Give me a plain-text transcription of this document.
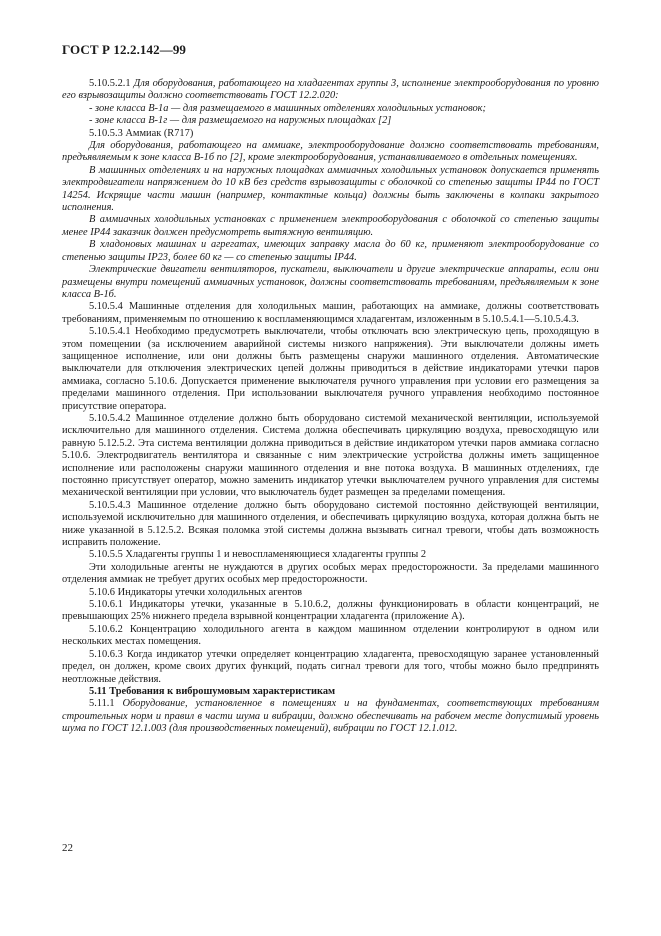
ГОСТ Р 12.2.142—99

5.10.5.2.1 Для оборудования, работающего на хладагентах группы 3, исполнение электрооборудования по уровню его взрывозащиты должно соответствовать ГОСТ 12.2.020:

- зоне класса В-1а — для размещаемого в машинных отделениях холодильных установок;

- зоне класса В-1г — для размещаемого на наружных площадках [2]

5.10.5.3 Аммиак (R717)

Для оборудования, работающего на аммиаке, электрооборудование должно соответствовать требованиям, предъявляемым к зоне класса В-1б по [2], кроме электрооборудования, устанавливаемого в отдельных помещениях.

В машинных отделениях и на наружных площадках аммиачных холодильных установок допускается применять электродвигатели напряжением до 10 кВ без средств взрывозащиты с оболочкой со степенью защиты IP44 по ГОСТ 14254. Искрящие части машин (например, контактные кольца) должны быть заключены в колпаки закрытого исполнения.

В аммиачных холодильных установках с применением электрооборудования с оболочкой со степенью защиты менее IP44 заказчик должен предусмотреть вытяжную вентиляцию.

В хладоновых машинах и агрегатах, имеющих заправку масла до 60 кг, применяют электрооборудование со степенью защиты IP23, более 60 кг — со степенью защиты IP44.

Электрические двигатели вентиляторов, пускатели, выключатели и другие электрические аппараты, если они размещены внутри помещений аммиачных установок, должны соответствовать требованиям, предъявляемым к зоне класса В-1б.

5.10.5.4 Машинные отделения для холодильных машин, работающих на аммиаке, должны соответствовать требованиям, применяемым по отношению к воспламеняющимся хладагентам, изложенным в 5.10.5.4.1—5.10.5.4.3.

5.10.5.4.1 Необходимо предусмотреть выключатели, чтобы отключать всю электрическую цепь, проходящую в этом помещении (за исключением аварийной системы низкого напряжения). Эти выключатели должны иметь защищенное исполнение, или они должны быть размещены снаружи машинного отделения. Автоматические выключатели для отключения электрических цепей должны приводиться в действие индикаторами утечки паров аммиака, согласно 5.10.6. Допускается применение выключателя ручного управления при условии его размещения за пределами машинного отделения. При использовании выключателя ручного управления необходимо постоянное присутствие оператора.

5.10.5.4.2 Машинное отделение должно быть оборудовано системой механической вентиляции, используемой исключительно для машинного отделения. Система должна обеспечивать циркуляцию воздуха, превосходящую или равную 5.12.5.2. Эта система вентиляции должна приводиться в действие индикатором утечки паров аммиака согласно 5.10.6. Электродвигатель вентилятора и связанные с ним электрические устройства должны иметь защищенное исполнение или расположены снаружи машинного отделения и вне потока воздуха. В машинных отделениях, где постоянно присутствует оператор, можно заменить индикатор утечки выключателем ручного управления для системы механической вентиляции при условии, что выключатель будет размещен за пределами помещения.

5.10.5.4.3 Машинное отделение должно быть оборудовано системой постоянно действующей вентиляции, используемой исключительно для машинного отделения, и обеспечивать циркуляцию воздуха, которая должна быть не ниже указанной в 5.12.5.2. Всякая поломка этой системы должна вызывать сигнал тревоги, чтобы дать возможность исправить положение.

5.10.5.5 Хладагенты группы 1 и невоспламеняющиеся хладагенты группы 2

Эти холодильные агенты не нуждаются в других особых мерах предосторожности. За пределами машинного отделения аммиак не требует других особых мер предосторожности.

5.10.6 Индикаторы утечки холодильных агентов

5.10.6.1 Индикаторы утечки, указанные в 5.10.6.2, должны функционировать в области концентраций, не превышающих 25% нижнего предела взрывной концентрации хладагента (приложение А).

5.10.6.2 Концентрацию холодильного агента в каждом машинном отделении контролируют в одном или нескольких местах помещения.

5.10.6.3 Когда индикатор утечки определяет концентрацию хладагента, превосходящую заранее установленный предел, он должен, кроме своих других функций, подать сигнал тревоги для того, чтобы можно было предпринять неотложные действия.

5.11 Требования к виброшумовым характеристикам

5.11.1 Оборудование, установленное в помещениях и на фундаментах, соответствующих требованиям строительных норм и правил в части шума и вибрации, должно обеспечивать на рабочем месте допустимый уровень шума по ГОСТ 12.1.003 (для производственных помещений), вибрации по ГОСТ 12.1.012.

22
